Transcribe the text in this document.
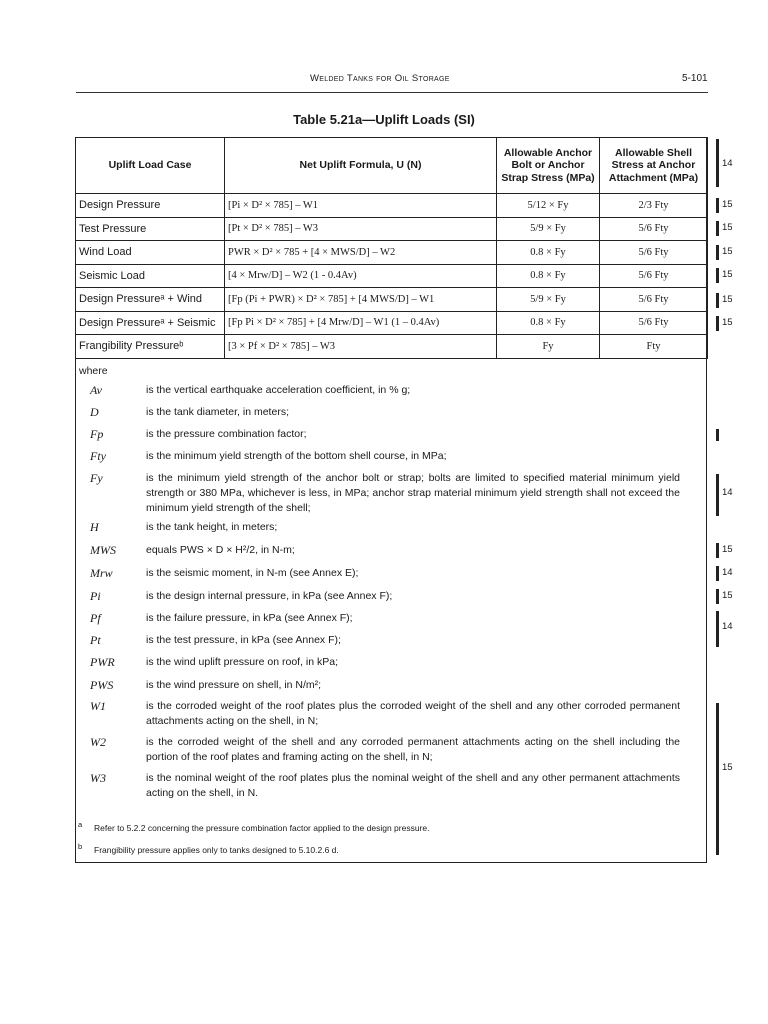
Welded Tanks for Oil Storage	5-101
Table 5.21a—Uplift Loads (SI)
Uplift Load Case	Net Uplift Formula, U (N)	Allowable Anchor Bolt or Anchor Strap Stress (MPa)	Allowable Shell Stress at Anchor Attachment (MPa)
Design Pressure	[Pi × D² × 785] – W1	5/12 × Fy	2/3 Fty
Test Pressure	[Pt × D² × 785] – W3	5/9 × Fy	5/6 Fty
Wind Load	PWR × D² × 785 + [4 × MWS/D] – W2	0.8 × Fy	5/6 Fty
Seismic Load	[4 × Mrw/D] – W2 (1 - 0.4Av)	0.8 × Fy	5/6 Fty
Design Pressureᵃ + Wind	[Fp (Pi + PWR) × D² × 785] + [4 MWS/D] – W1	5/9 × Fy	5/6 Fty
Design Pressureᵃ + Seismic	[Fp Pi × D² × 785] + [4 Mrw/D] – W1 (1 – 0.4Av)	0.8 × Fy	5/6 Fty
Frangibility Pressureᵇ	[3 × Pf × D² × 785] – W3	Fy	Fty
where
Av	is the vertical earthquake acceleration coefficient, in % g;
D	is the tank diameter, in meters;
Fp	is the pressure combination factor;
Fty	is the minimum yield strength of the bottom shell course, in MPa;
Fy	is the minimum yield strength of the anchor bolt or strap; bolts are limited to specified material minimum yield strength or 380 MPa, whichever is less, in MPa; anchor strap material minimum yield strength shall not exceed the minimum yield strength of the shell;
H	is the tank height, in meters;
MWS	equals PWS × D × H²/2, in N-m;
Mrw	is the seismic moment, in N-m (see Annex E);
Pi	is the design internal pressure, in kPa (see Annex F);
Pf	is the failure pressure, in kPa (see Annex F);
Pt	is the test pressure, in kPa (see Annex F);
PWR	is the wind uplift pressure on roof, in kPa;
PWS	is the wind pressure on shell, in N/m²;
W1	is the corroded weight of the roof plates plus the corroded weight of the shell and any other corroded permanent attachments acting on the shell, in N;
W2	is the corroded weight of the shell and any corroded permanent attachments acting on the shell including the portion of the roof plates and framing acting on the shell, in N;
W3	is the nominal weight of the roof plates plus the nominal weight of the shell and any other permanent attachments acting on the shell, in N.
a Refer to 5.2.2 concerning the pressure combination factor applied to the design pressure.
b Frangibility pressure applies only to tanks designed to 5.10.2.6 d.
14
15
15
15
15
15
15
14
15
14
15
14
15
